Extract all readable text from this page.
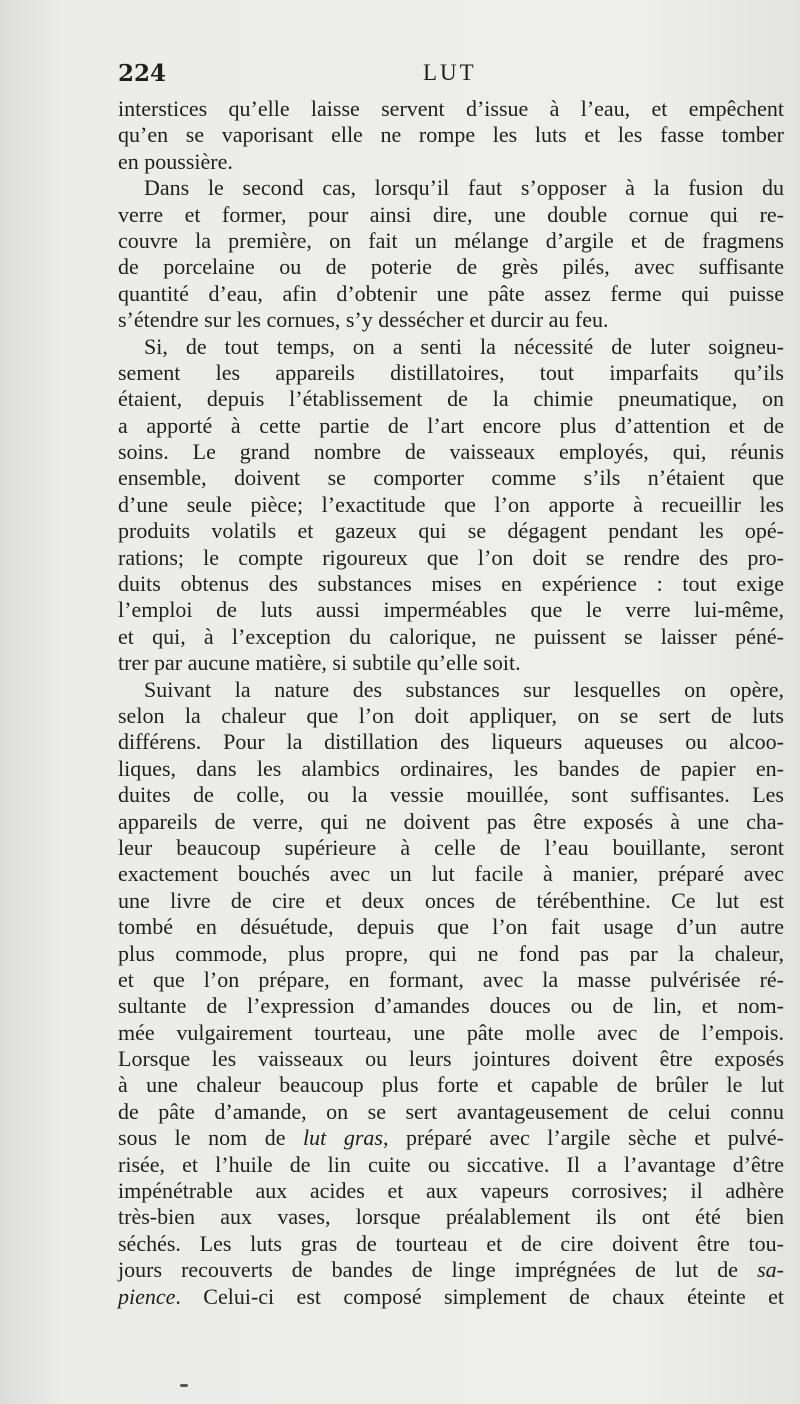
224	LUT
interstices qu’elle laisse servent d’issue à l’eau, et empêchent
qu’en se vaporisant elle ne rompe les luts et les fasse tomber
en poussière.
Dans le second cas, lorsqu’il faut s’opposer à la fusion du
verre et former, pour ainsi dire, une double cornue qui re-
couvre la première, on fait un mélange d’argile et de fragmens
de porcelaine ou de poterie de grès pilés, avec suffisante
quantité d’eau, afin d’obtenir une pâte assez ferme qui puisse
s’étendre sur les cornues, s’y dessécher et durcir au feu.
Si, de tout temps, on a senti la nécessité de luter soigneu-
sement les appareils distillatoires, tout imparfaits qu’ils
étaient, depuis l’établissement de la chimie pneumatique, on
a apporté à cette partie de l’art encore plus d’attention et de
soins. Le grand nombre de vaisseaux employés, qui, réunis
ensemble, doivent se comporter comme s’ils n’étaient que
d’une seule pièce; l’exactitude que l’on apporte à recueillir les
produits volatils et gazeux qui se dégagent pendant les opé-
rations; le compte rigoureux que l’on doit se rendre des pro-
duits obtenus des substances mises en expérience : tout exige
l’emploi de luts aussi imperméables que le verre lui-même,
et qui, à l’exception du calorique, ne puissent se laisser péné-
trer par aucune matière, si subtile qu’elle soit.
Suivant la nature des substances sur lesquelles on opère,
selon la chaleur que l’on doit appliquer, on se sert de luts
différens. Pour la distillation des liqueurs aqueuses ou alcoo-
liques, dans les alambics ordinaires, les bandes de papier en-
duites de colle, ou la vessie mouillée, sont suffisantes. Les
appareils de verre, qui ne doivent pas être exposés à une cha-
leur beaucoup supérieure à celle de l’eau bouillante, seront
exactement bouchés avec un lut facile à manier, préparé avec
une livre de cire et deux onces de térébenthine. Ce lut est
tombé en désuétude, depuis que l’on fait usage d’un autre
plus commode, plus propre, qui ne fond pas par la chaleur,
et que l’on prépare, en formant, avec la masse pulvérisée ré-
sultante de l’expression d’amandes douces ou de lin, et nom-
mée vulgairement tourteau, une pâte molle avec de l’empois.
Lorsque les vaisseaux ou leurs jointures doivent être exposés
à une chaleur beaucoup plus forte et capable de brûler le lut
de pâte d’amande, on se sert avantageusement de celui connu
sous le nom de lut gras, préparé avec l’argile sèche et pulvé-
risée, et l’huile de lin cuite ou siccative. Il a l’avantage d’être
impénétrable aux acides et aux vapeurs corrosives; il adhère
très-bien aux vases, lorsque préalablement ils ont été bien
séchés. Les luts gras de tourteau et de cire doivent être tou-
jours recouverts de bandes de linge imprégnées de lut de sa-
pience. Celui-ci est composé simplement de chaux éteinte et
